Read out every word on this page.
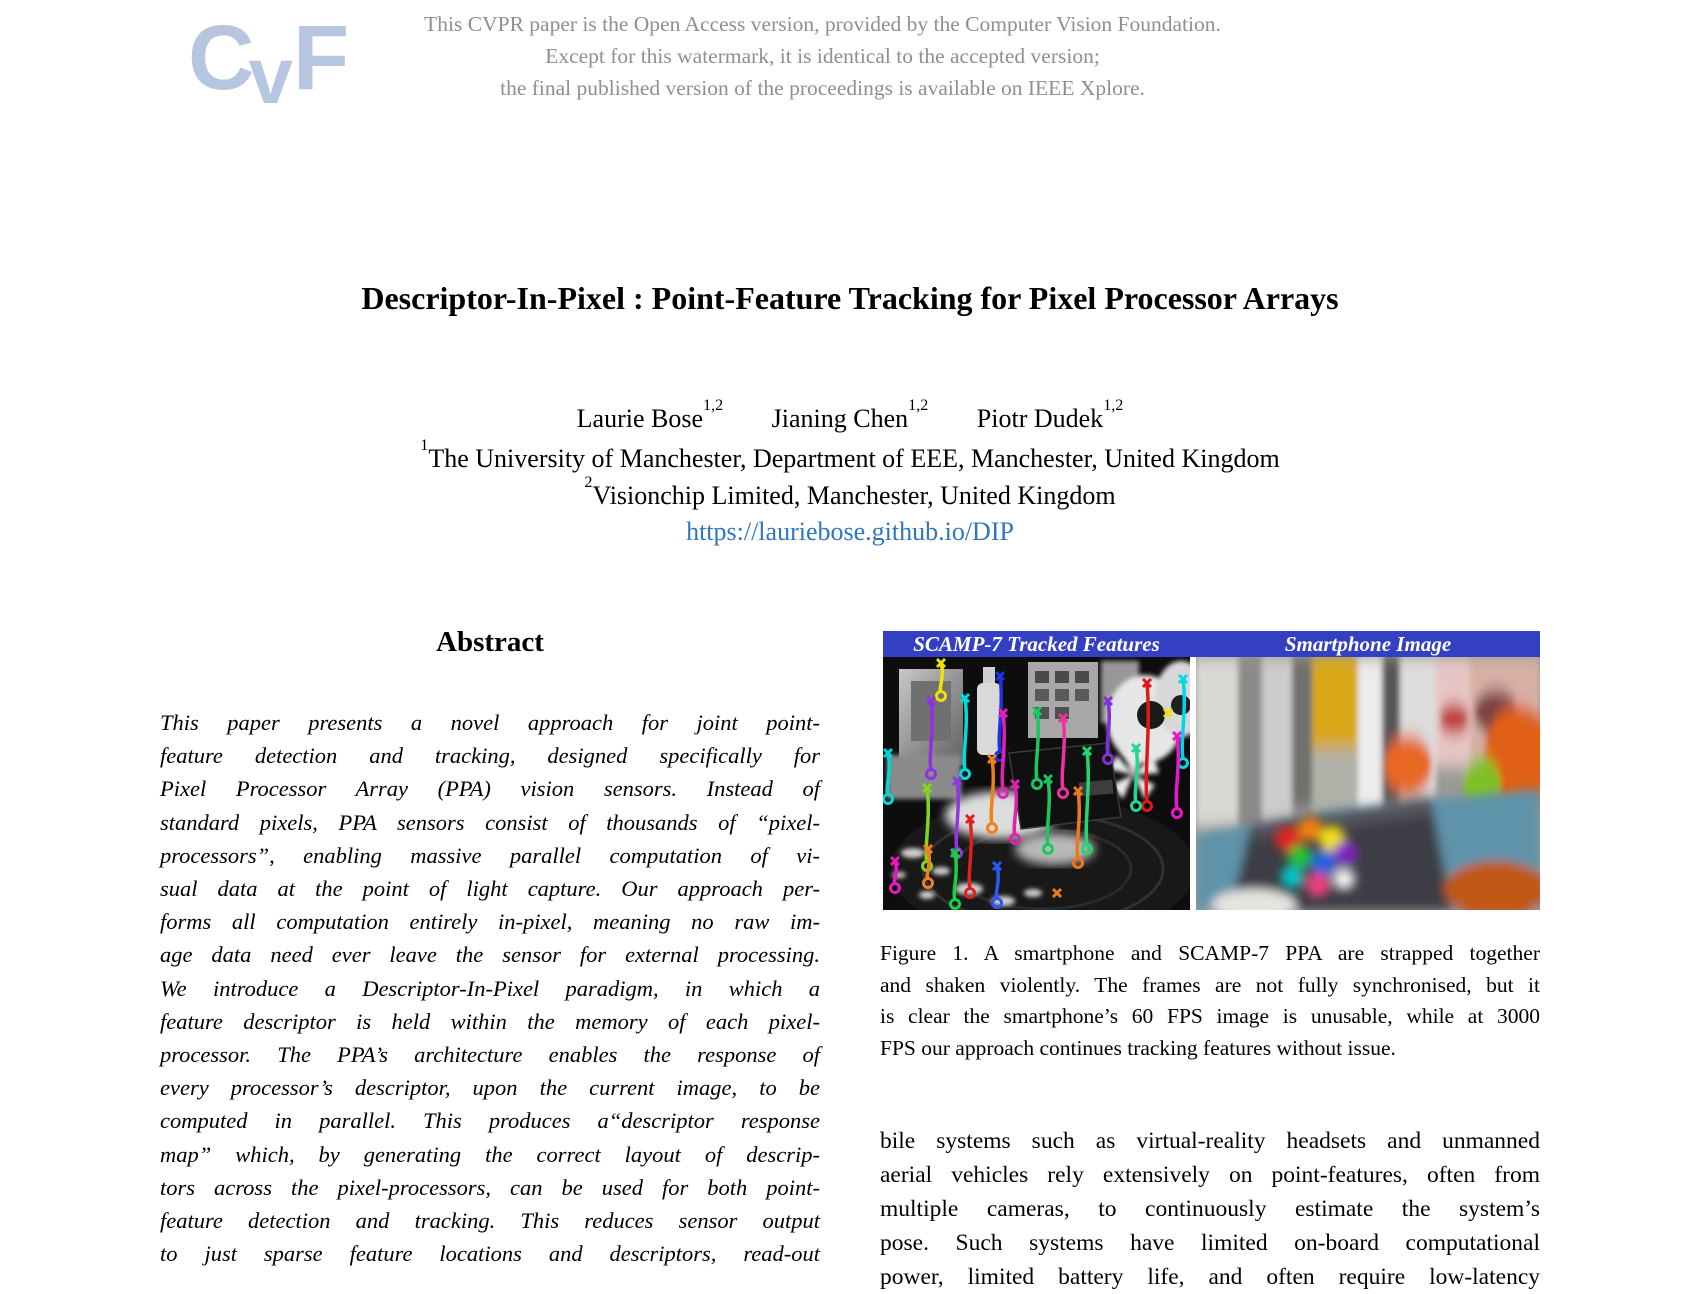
CvF	This CVPR paper is the Open Access version, provided by the Computer Vision Foundation.
Except for this watermark, it is identical to the accepted version;
the final published version of the proceedings is available on IEEE Xplore.
Descriptor-In-Pixel : Point-Feature Tracking for Pixel Processor Arrays
Laurie Bose$^{1,2}$ Jianing Chen$^{1,2}$ Piotr Dudek$^{1,2}$
$^1$The University of Manchester, Department of EEE, Manchester, United Kingdom
$^2$Visionchip Limited, Manchester, United Kingdom
https://lauriebose.github.io/DIP
Abstract
This paper presents a novel approach for joint point-
feature detection and tracking, designed specifically for
Pixel Processor Array (PPA) vision sensors. Instead of
standard pixels, PPA sensors consist of thousands of “pixel-
processors”, enabling massive parallel computation of vi-
sual data at the point of light capture. Our approach per-
forms all computation entirely in-pixel, meaning no raw im-
age data need ever leave the sensor for external processing.
We introduce a Descriptor-In-Pixel paradigm, in which a
feature descriptor is held within the memory of each pixel-
processor. The PPA’s architecture enables the response of
every processor’s descriptor, upon the current image, to be
computed in parallel. This produces a“descriptor response
map” which, by generating the correct layout of descrip-
tors across the pixel-processors, can be used for both point-
feature detection and tracking. This reduces sensor output
to just sparse feature locations and descriptors, read-out
SCAMP-7 Tracked Features	Smartphone Image
Figure 1. A smartphone and SCAMP-7 PPA are strapped together
and shaken violently. The frames are not fully synchronised, but it
is clear the smartphone’s 60 FPS image is unusable, while at 3000
FPS our approach continues tracking features without issue.
bile systems such as virtual-reality headsets and unmanned
aerial vehicles rely extensively on point-features, often from
multiple cameras, to continuously estimate the system’s
pose. Such systems have limited on-board computational
power, limited battery life, and often require low-latency
